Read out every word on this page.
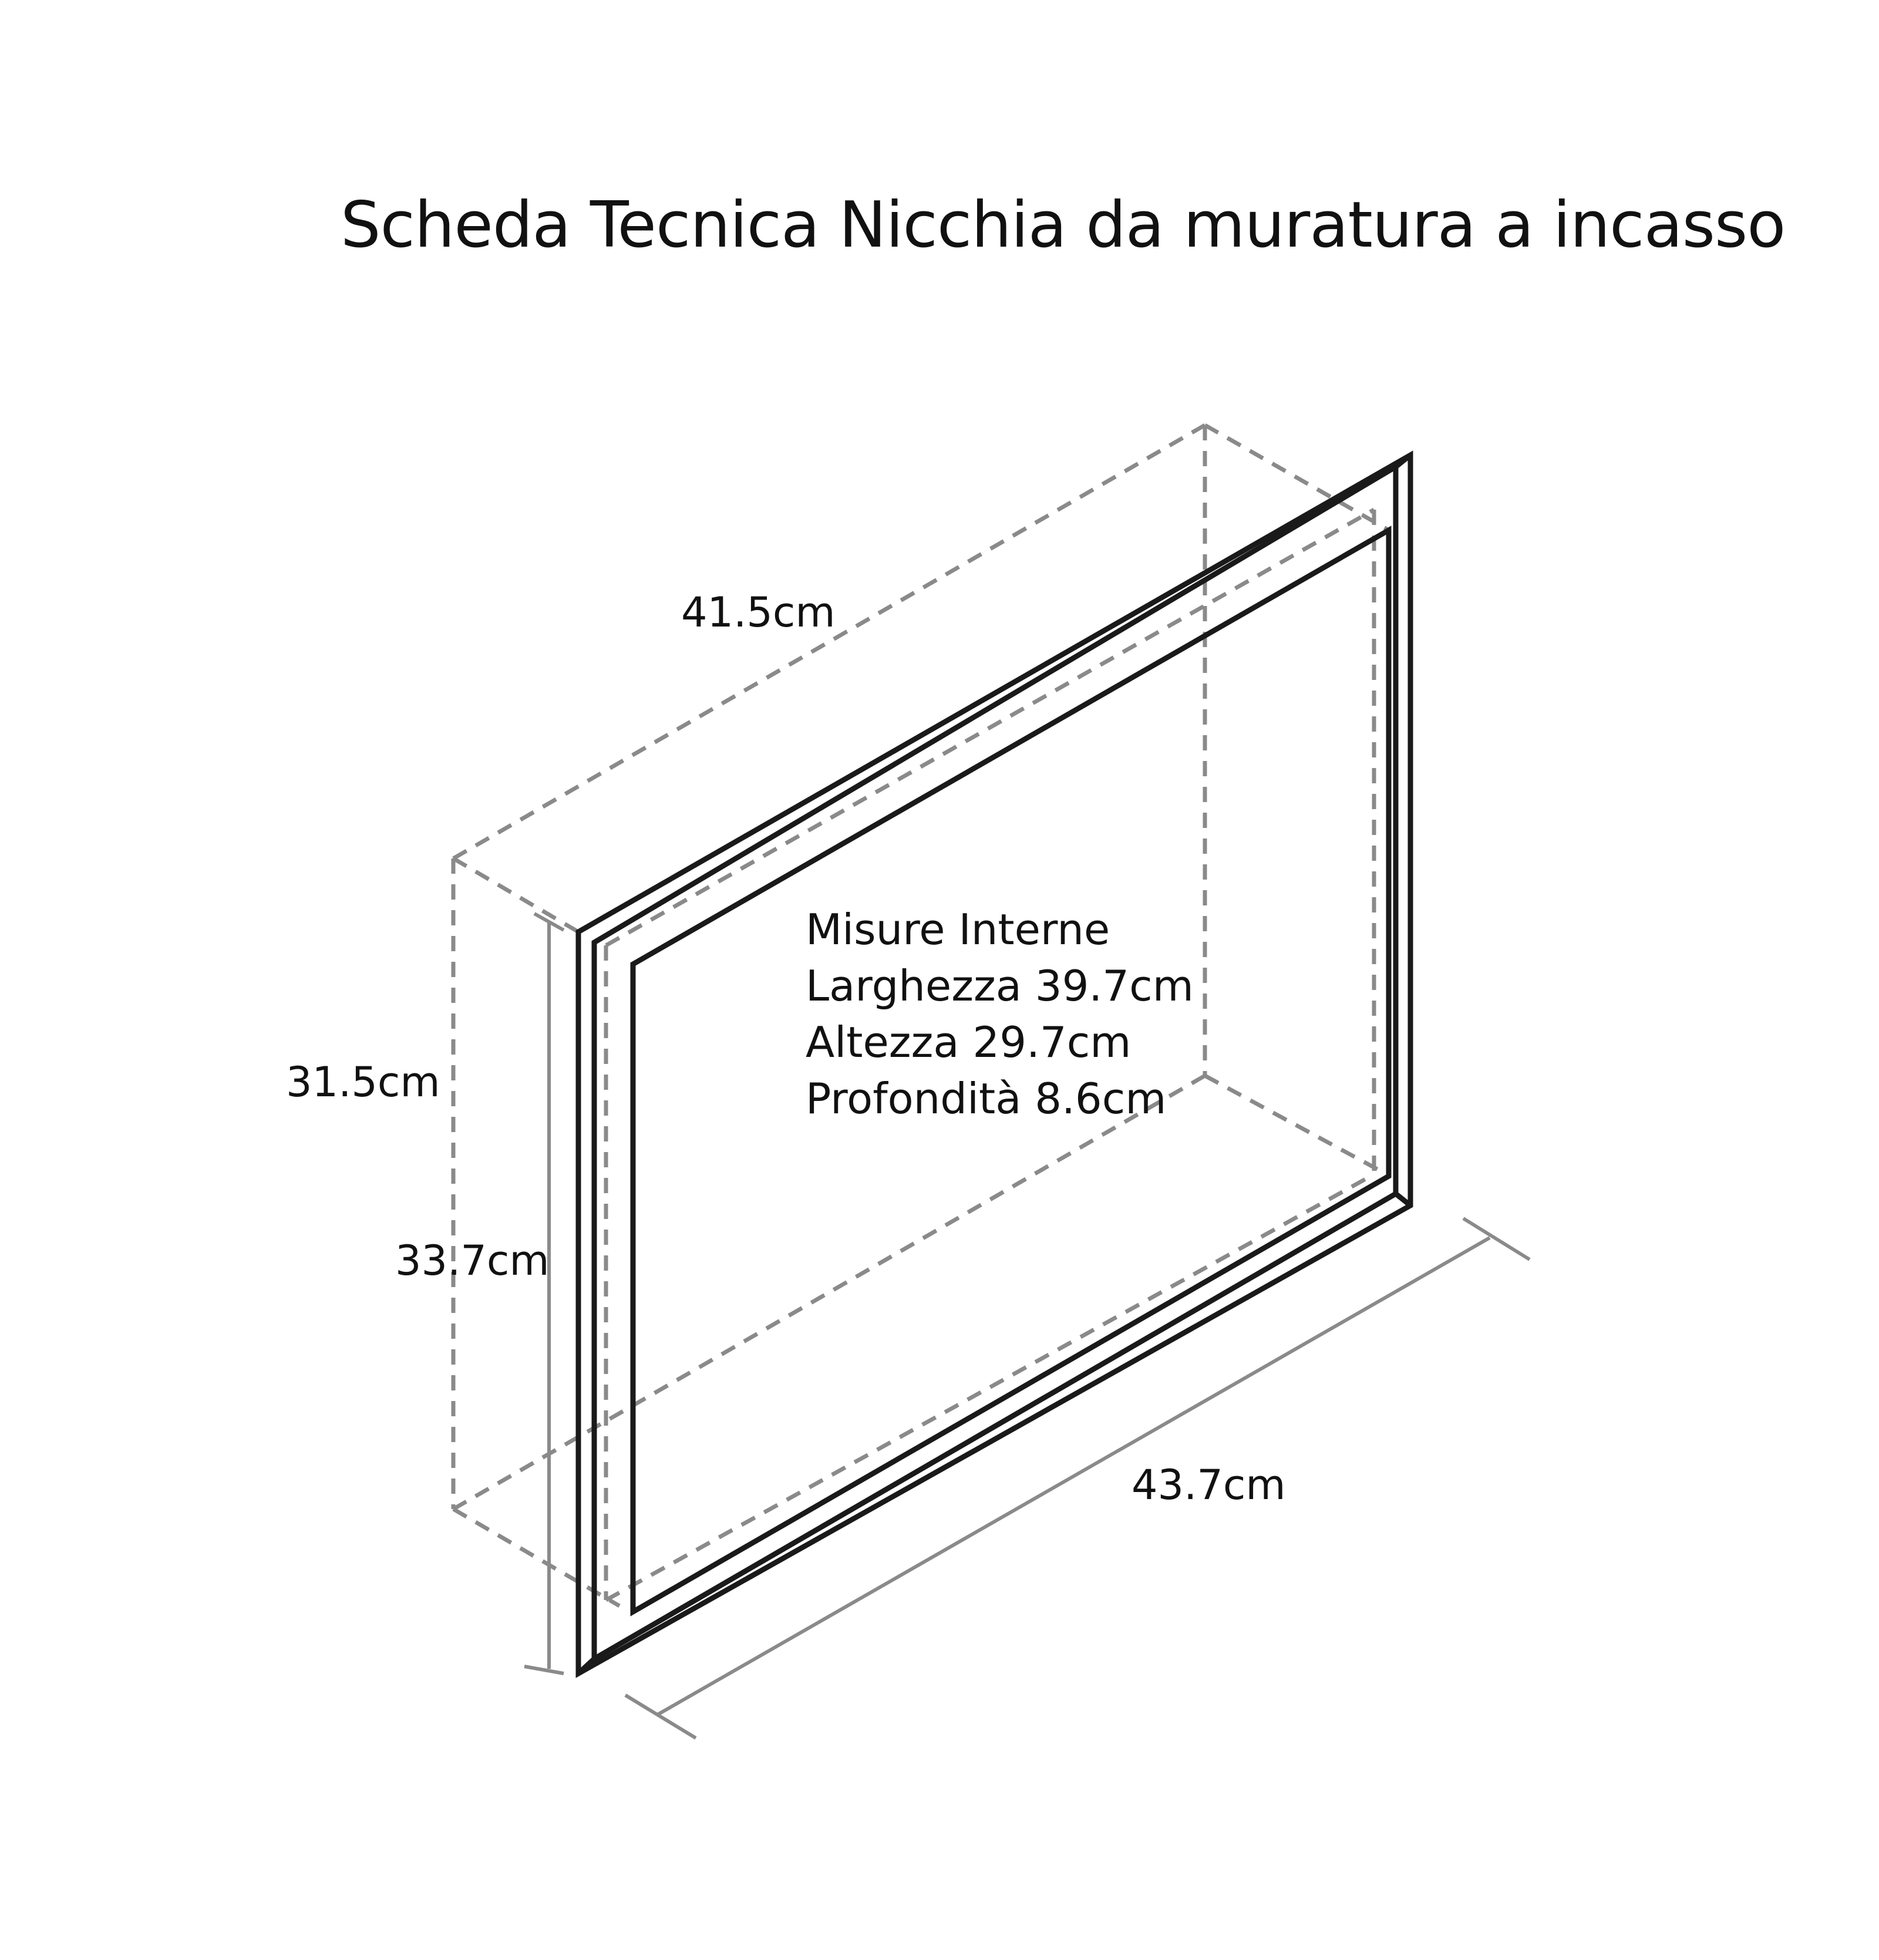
Scheda Tecnica Nicchia da muratura a incasso
41.5cm
31.5cm
33.7cm
43.7cm
Misure Interne
Larghezza 39.7cm
Altezza 29.7cm
Profondità 8.6cm
